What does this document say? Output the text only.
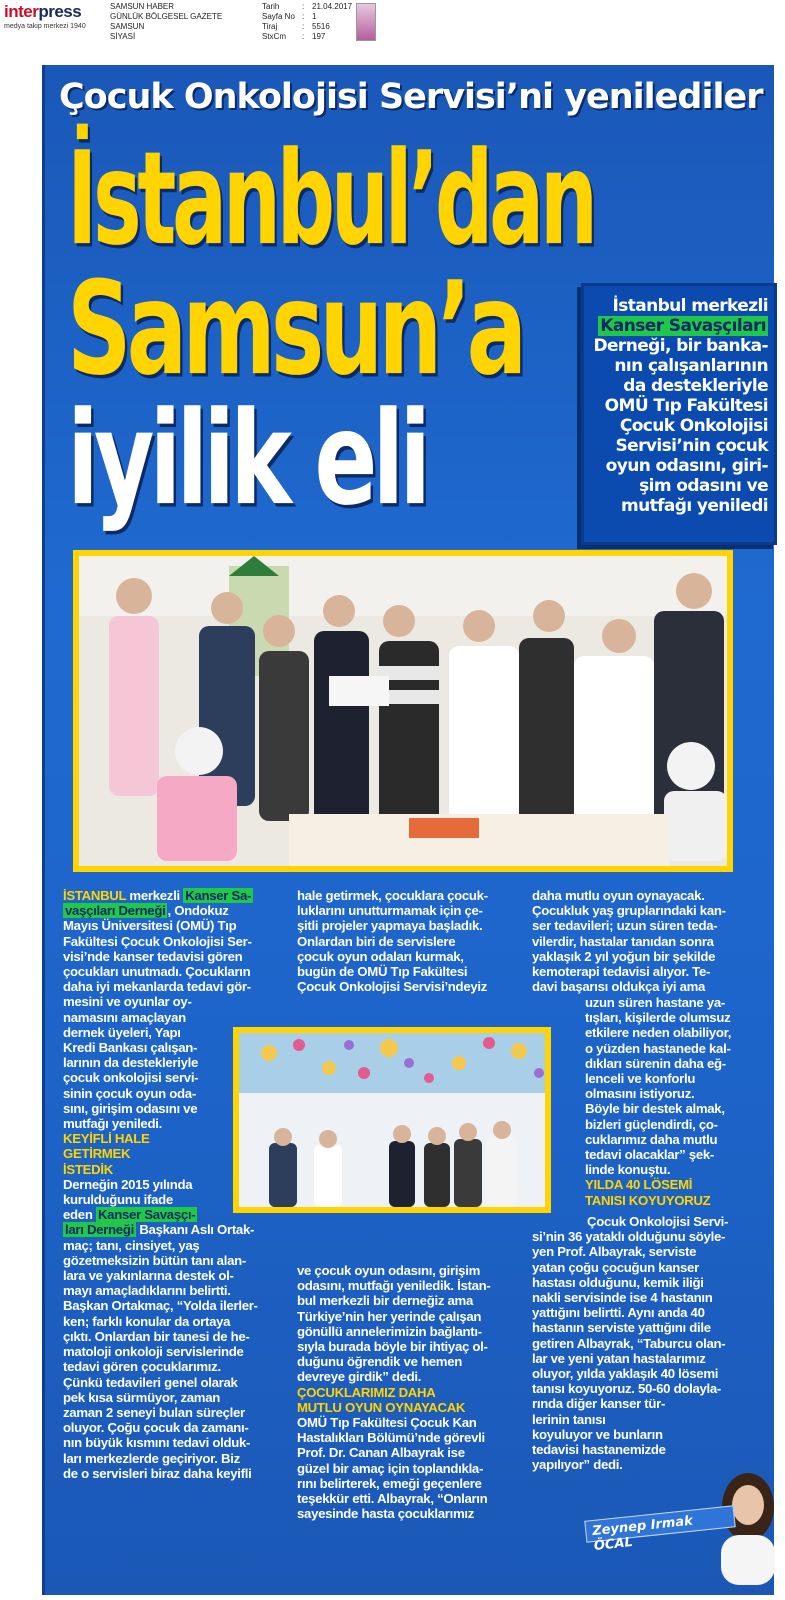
interpress
medya takip merkezi 1940
SAMSUN HABER
GÜNLÜK BÖLGESEL GAZETE
SAMSUN
SİYASİ
Tarih	: 21.04.2017
Sayfa No : 1
Tiraj	: 5516
StxCm	: 197
Çocuk Onkolojisi Servisi’ni yenilediler
İstanbul’dan
Samsun’a
iyilik eli
İstanbul merkezli
Kanser Savaşçıları
Derneği, bir banka-
nın çalışanlarının
da destekleriyle
OMÜ Tıp Fakültesi
Çocuk Onkolojisi
Servisi’nin çocuk
oyun odasını, giri-
şim odasını ve
mutfağı yeniledi

İSTANBUL merkezli Kanser Sa-

vaşçıları Derneği , Ondokuz

Mayıs Üniversitesi (OMÜ) Tıp

Fakültesi Çocuk Onkolojisi Ser-

visi’nde kanser tedavisi gören

çocukları unutmadı. Çocukların

daha iyi mekanlarda tedavi gör-

mesini ve oyunlar oy-

namasını amaçlayan

dernek üyeleri, Yapı

Kredi Bankası çalışan-

larının da destekleriyle

çocuk onkolojisi servi-

sinin çocuk oyun oda-

sını, girişim odasını ve

mutfağı yeniledi.

KEYİFLİ HALE

GETİRMEK

İSTEDİK

Derneğin 2015 yılında

kurulduğunu ifade

eden Kanser Savaşçı-

ları Derneği Başkanı Aslı Ortak-

maç; tanı, cinsiyet, yaş

gözetmeksizin bütün tanı alan-

lara ve yakınlarına destek ol-

mayı amaçladıklarını belirtti.

Başkan Ortakmaç, “Yolda ilerler-

ken; farklı konular da ortaya

çıktı. Onlardan bir tanesi de he-

matoloji onkoloji servislerinde

tedavi gören çocuklarımız.

Çünkü tedavileri genel olarak

pek kısa sürmüyor, zaman

zaman 2 seneyi bulan süreçler

oluyor. Çoğu çocuk da zamanı-

nın büyük kısmını tedavi olduk-

ları merkezlerde geçiriyor. Biz

de o servisleri biraz daha keyifli

hale getirmek, çocuklara çocuk-

luklarını unutturmamak için çe-

şitli projeler yapmaya başladık.

Onlardan biri de servislere

çocuk oyun odaları kurmak,

bugün de OMÜ Tıp Fakültesi

Çocuk Onkolojisi Servisi’ndeyiz

ve çocuk oyun odasını, girişim

odasını, mutfağı yeniledik. İstan-

bul merkezli bir derneğiz ama

Türkiye’nin her yerinde çalışan

gönüllü annelerimizin bağlantı-

sıyla burada böyle bir ihtiyaç ol-

duğunu öğrendik ve hemen

devreye girdik” dedi.

ÇOCUKLARIMIZ DAHA

MUTLU OYUN OYNAYACAK

OMÜ Tıp Fakültesi Çocuk Kan

Hastalıkları Bölümü’nde görevli

Prof. Dr. Canan Albayrak ise

güzel bir amaç için toplandıkla-

rını belirterek, emeği geçenlere

teşekkür etti. Albayrak, “Onların

sayesinde hasta çocuklarımız

daha mutlu oyun oynayacak.

Çocukluk yaş gruplarındaki kan-

ser tedavileri; uzun süren teda-

vilerdir, hastalar tanıdan sonra

yaklaşık 2 yıl yoğun bir şekilde

kemoterapi tedavisi alıyor. Te-

davi başarısı oldukça iyi ama

uzun süren hastane ya-

tışları, kişilerde olumsuz

etkilere neden olabiliyor,

o yüzden hastanede kal-

dıkları sürenin daha eğ-

lenceli ve konforlu

olmasını istiyoruz.

Böyle bir destek almak,

bizleri güçlendirdi, ço-

cuklarımız daha mutlu

tedavi olacaklar” şek-

linde konuştu.

YILDA 40 LÖSEMİ

TANISI KOYUYORUZ

Çocuk Onkolojisi Servi-

si’nin 36 yataklı olduğunu söyle-

yen Prof. Albayrak, serviste

yatan çoğu çocuğun kanser

hastası olduğunu, kemik iliği

nakli servisinde ise 4 hastanın

yattığını belirtti. Aynı anda 40

hastanın serviste yattığını dile

getiren Albayrak, “Taburcu olan-

lar ve yeni yatan hastalarımız

oluyor, yılda yaklaşık 40 lösemi

tanısı koyuyoruz. 50-60 dolayla-

rında diğer kanser tür-

lerinin tanısı

koyuluyor ve bunların

tedavisi hastanemizde

yapılıyor” dedi.

Zeynep Irmak ÖCAL
